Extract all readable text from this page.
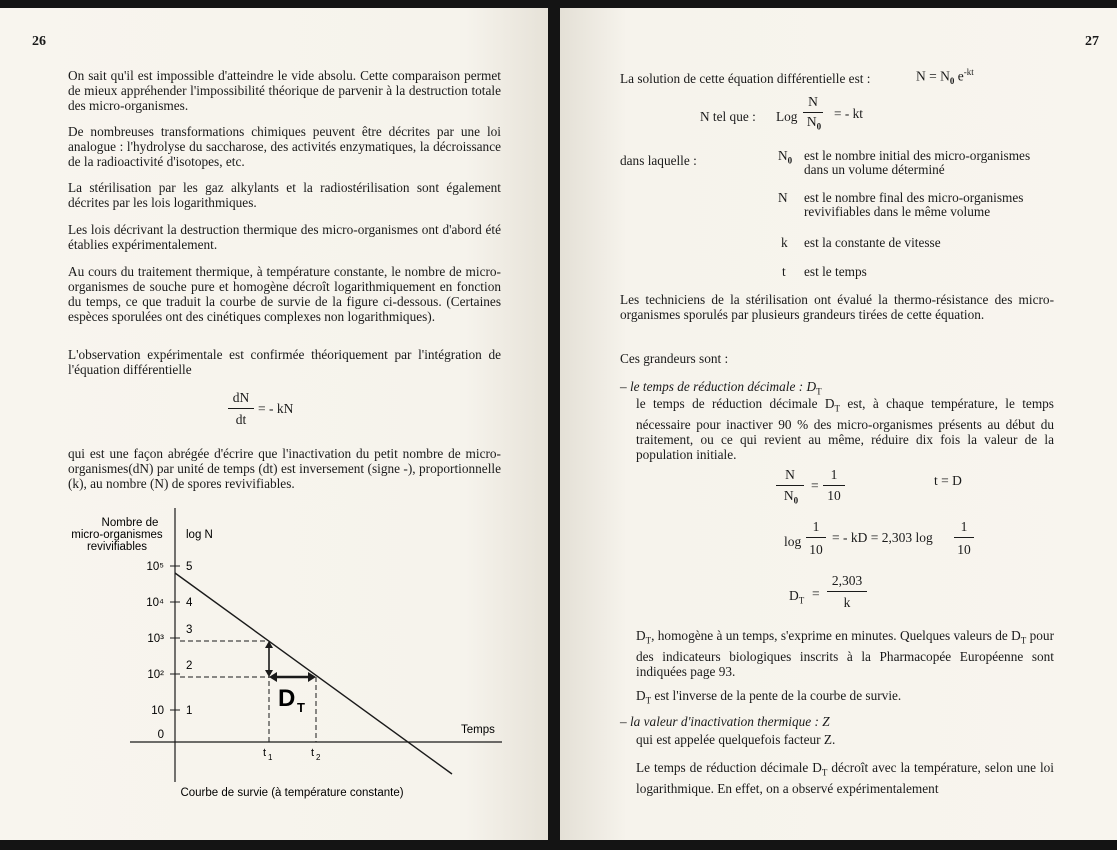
26
On sait qu'il est impossible d'atteindre le vide absolu. Cette comparaison permet de mieux appréhender l'impossibilité théorique de parvenir à la destruction totale des micro-organismes.
De nombreuses transformations chimiques peuvent être décrites par une loi analogue : l'hydrolyse du saccharose, des activités enzymatiques, la décroissance de la radioactivité d'isotopes, etc.
La stérilisation par les gaz alkylants et la radiostérilisation sont également décrites par les lois logarithmiques.
Les lois décrivant la destruction thermique des micro-organismes ont d'abord été établies expérimentalement.
Au cours du traitement thermique, à température constante, le nombre de micro-organismes de souche pure et homogène décroît logarithmiquement en fonction du temps, ce que traduit la courbe de survie de la figure ci-dessous. (Certaines espèces sporulées ont des cinétiques complexes non logarithmiques).
L'observation expérimentale est confirmée théoriquement par l'intégration de l'équation différentielle
dN
dt
= - kN
qui est une façon abrégée d'écrire que l'inactivation du petit nombre de micro-organismes(dN) par unité de temps (dt) est inversement (signe -), proportionnelle (k), au nombre (N) de spores revivifiables.
Nombre de
micro-organismes
revivifiables
log N
10⁵
10⁴
10³
10²
10
0
5
4
3
2
1	D T
Temps
t 1	t 2
Courbe de survie (à température constante)
27
La solution de cette équation différentielle est :	$N = N_0$ $e^{-kt}$
N tel que : Log
N
$N_0$
= - kt
dans laquelle :	$N_0$ est le nombre initial des micro-organismes
dans un volume déterminé
N est le nombre final des micro-organismes
revivifiables dans le même volume
k est la constante de vitesse
t est le temps
Les techniciens de la stérilisation ont évalué la thermo-résistance des micro-organismes sporulés par plusieurs grandeurs tirées de cette équation.
Ces grandeurs sont :
– le temps de réduction décimale : $D_T$
le temps de réduction décimale $D_T$ est, à chaque température, le temps nécessaire pour inactiver 90 % des micro-organismes présents au début du traitement, ou ce qui revient au même, réduire dix fois la valeur de la population initiale.
N
$N_0$
=
1
10
t = D
log
1
10
= - kD = 2,303 log
1
10
$D_T$ =
2,303
k
$D_T$, homogène à un temps, s'exprime en minutes. Quelques valeurs de $D_T$ pour des indicateurs biologiques inscrits à la Pharmacopée Européenne sont indiquées page 93.
$D_T$ est l'inverse de la pente de la courbe de survie.
– la valeur d'inactivation thermique : Z
qui est appelée quelquefois facteur Z.
Le temps de réduction décimale $D_T$ décroît avec la température, selon une loi logarithmique. En effet, on a observé expérimentalement
